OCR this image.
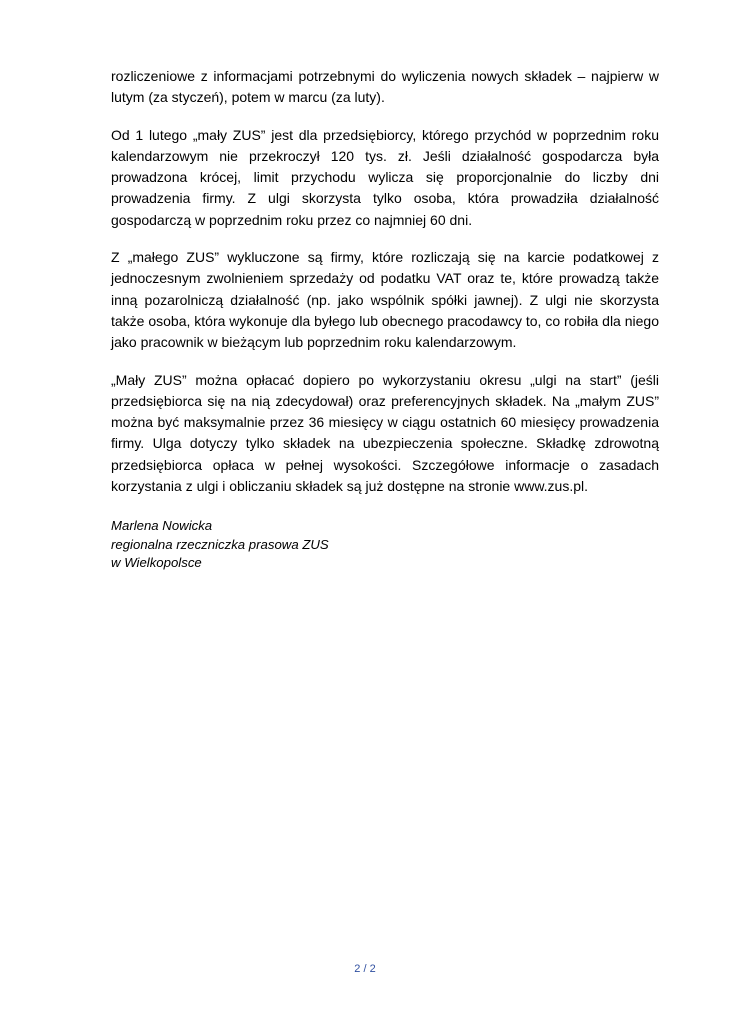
rozliczeniowe z informacjami potrzebnymi do wyliczenia nowych składek – najpierw w lutym (za styczeń), potem w marcu (za luty).

Od 1 lutego „mały ZUS” jest dla przedsiębiorcy, którego przychód w poprzednim roku kalendarzowym nie przekroczył 120 tys. zł. Jeśli działalność gospodarcza była prowadzona krócej, limit przychodu wylicza się proporcjonalnie do liczby dni prowadzenia firmy. Z ulgi skorzysta tylko osoba, która prowadziła działalność gospodarczą w poprzednim roku przez co najmniej 60 dni.

Z „małego ZUS” wykluczone są firmy, które rozliczają się na karcie podatkowej z jednoczesnym zwolnieniem sprzedaży od podatku VAT oraz te, które prowadzą także inną pozarolniczą działalność (np. jako wspólnik spółki jawnej). Z ulgi nie skorzysta także osoba, która wykonuje dla byłego lub obecnego pracodawcy to, co robiła dla niego jako pracownik w bieżącym lub poprzednim roku kalendarzowym.

„Mały ZUS” można opłacać dopiero po wykorzystaniu okresu „ulgi na start” (jeśli przedsiębiorca się na nią zdecydował) oraz preferencyjnych składek. Na „małym ZUS” można być maksymalnie przez 36 miesięcy w ciągu ostatnich 60 miesięcy prowadzenia firmy. Ulga dotyczy tylko składek na ubezpieczenia społeczne. Składkę zdrowotną przedsiębiorca opłaca w pełnej wysokości. Szczegółowe informacje o zasadach korzystania z ulgi i obliczaniu składek są już dostępne na stronie www.zus.pl.

Marlena Nowicka
regionalna rzeczniczka prasowa ZUS
w Wielkopolsce
2 / 2
